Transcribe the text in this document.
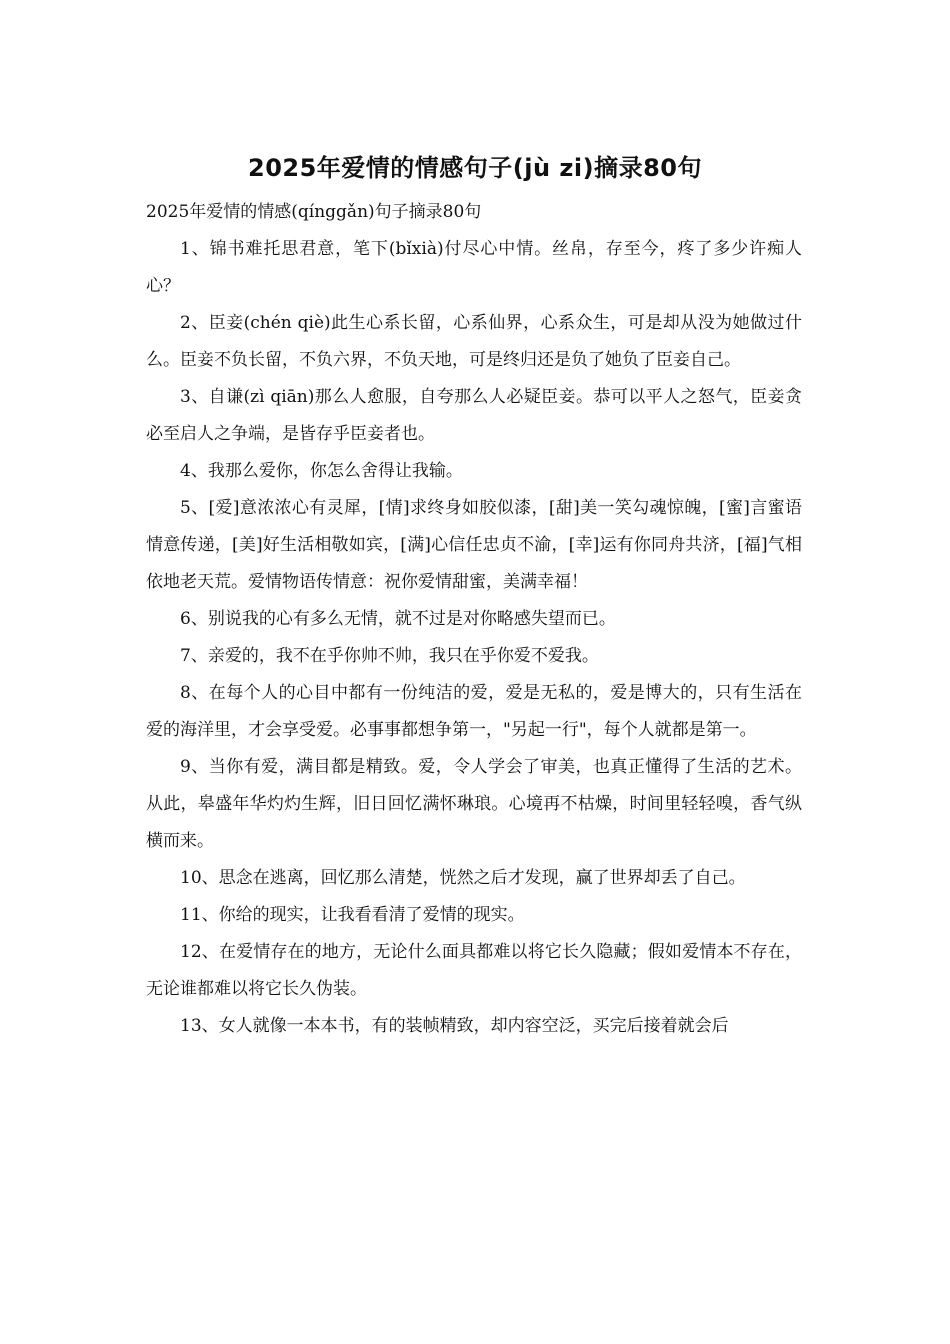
2025年爱情的情感句子(jù zi)摘录80句
2025年爱情的情感(qínggǎn)句子摘录80句

1、锦书难托思君意，笔下(bǐxià)付尽心中情。丝帛，存至今，疼了多少许痴人心？

2、臣妾(chén qiè)此生心系长留，心系仙界，心系众生，可是却从没为她做过什么。臣妾不负长留，不负六界，不负天地，可是终归还是负了她负了臣妾自己。

3、自谦(zì qiān)那么人愈服，自夸那么人必疑臣妾。恭可以平人之怒气，臣妾贪必至启人之争端，是皆存乎臣妾者也。

4、我那么爱你，你怎么舍得让我输。

5、[爱]意浓浓心有灵犀，[情]求终身如胶似漆，[甜]美一笑勾魂惊魄，[蜜]言蜜语情意传递，[美]好生活相敬如宾，[满]心信任忠贞不渝，[幸]运有你同舟共济，[福]气相依地老天荒。爱情物语传情意：祝你爱情甜蜜，美满幸福！

6、别说我的心有多么无情，就不过是对你略感失望而已。

7、亲爱的，我不在乎你帅不帅，我只在乎你爱不爱我。

8、在每个人的心目中都有一份纯洁的爱，爱是无私的，爱是博大的，只有生活在爱的海洋里，才会享受爱。必事事都想争第一，"另起一行"，每个人就都是第一。

9、当你有爱，满目都是精致。爱，令人学会了审美，也真正懂得了生活的艺术。从此，皋盛年华灼灼生辉，旧日回忆满怀琳琅。心境再不枯燥，时间里轻轻嗅，香气纵横而来。

10、思念在逃离，回忆那么清楚，恍然之后才发现，赢了世界却丢了自己。

11、你给的现实，让我看看清了爱情的现实。

12、在爱情存在的地方，无论什么面具都难以将它长久隐藏；假如爱情本不存在，无论谁都难以将它长久伪装。

13、女人就像一本本书，有的装帧精致，却内容空泛，买完后接着就会后
